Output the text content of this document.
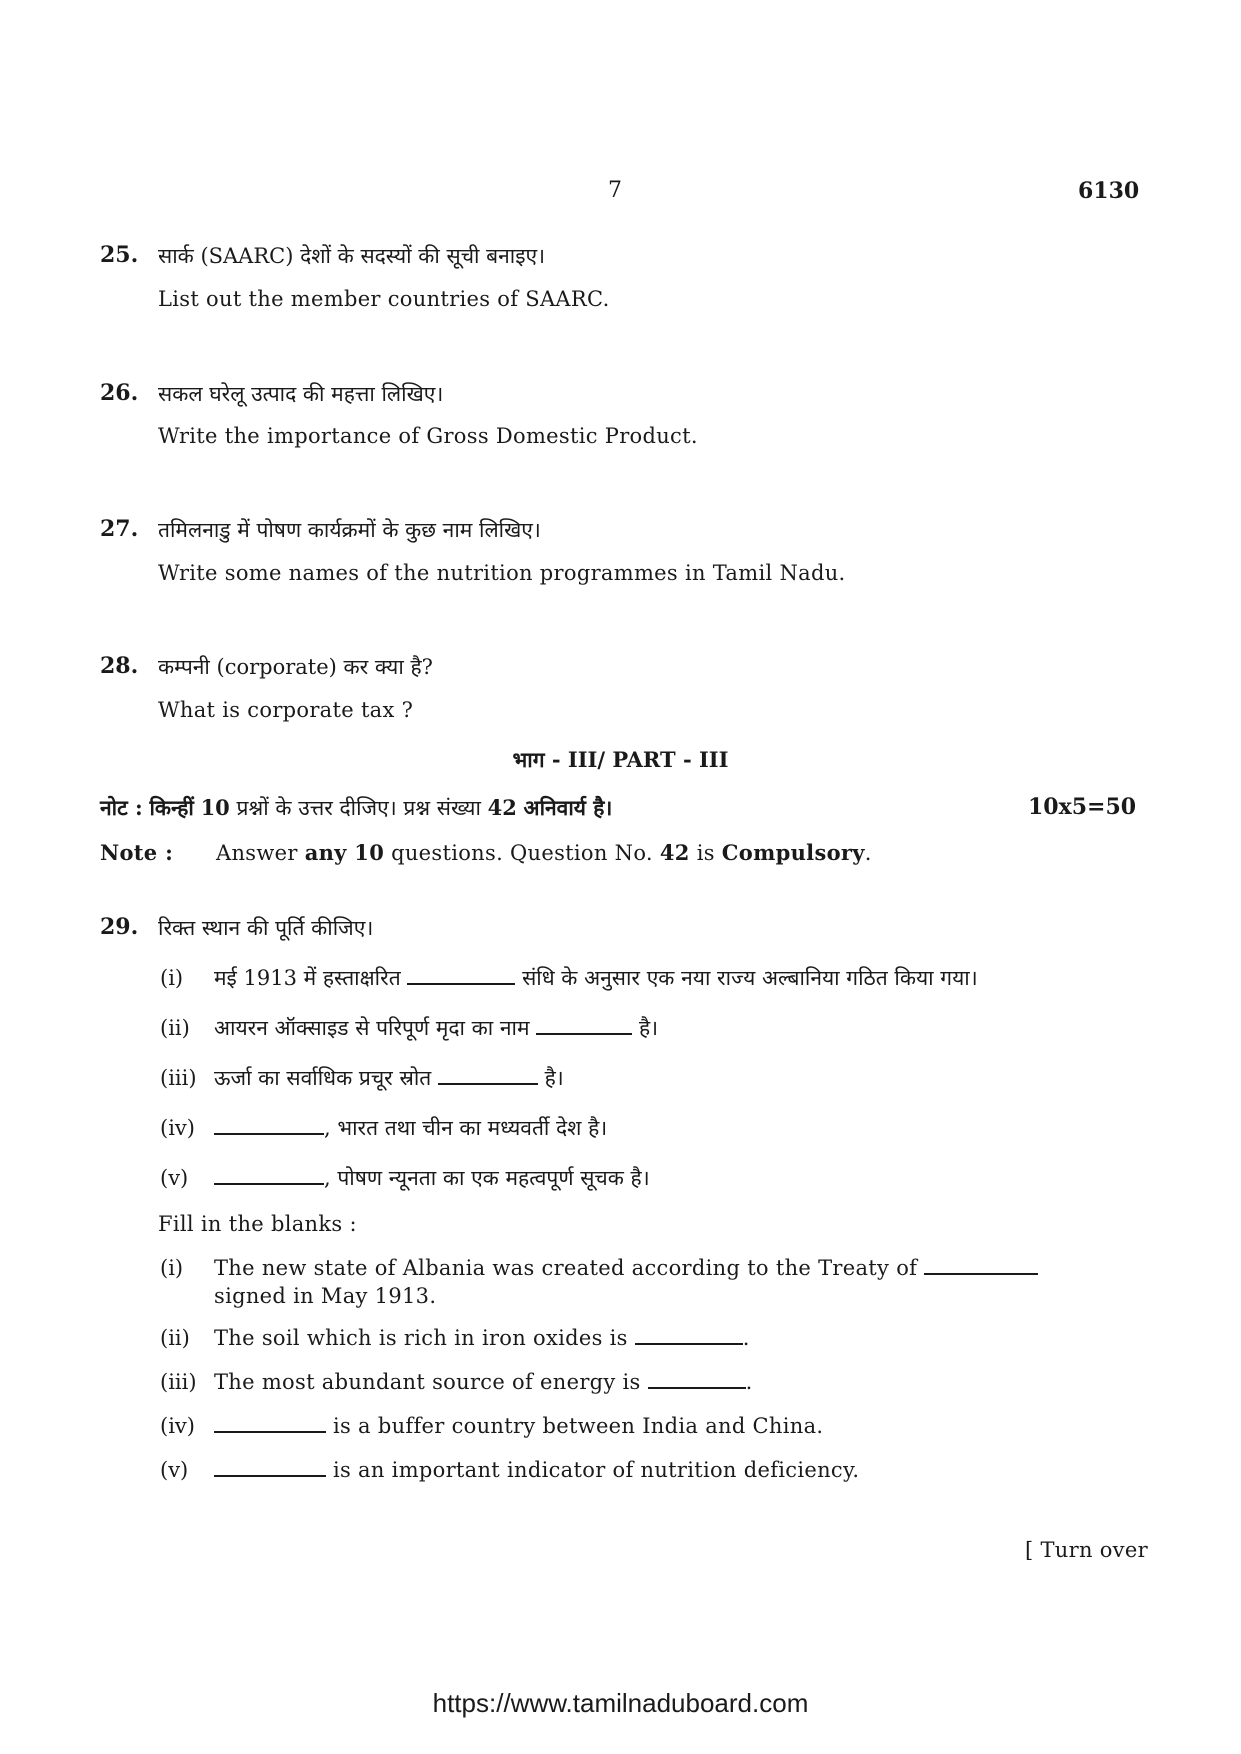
7	6130
25. सार्क (SAARC) देशों के सदस्यों की सूची बनाइए।
List out the member countries of SAARC.
26. सकल घरेलू उत्पाद की महत्ता लिखिए।
Write the importance of Gross Domestic Product.
27. तमिलनाडु में पोषण कार्यक्रमों के कुछ नाम लिखिए।
Write some names of the nutrition programmes in Tamil Nadu.
28. कम्पनी (corporate) कर क्या है?
What is corporate tax ?
भाग - III/ PART - III
नोट : किन्हीं 10 प्रश्नों के उत्तर दीजिए। प्रश्न संख्या 42 अनिवार्य है।	10x5=50
Note : Answer any 10 questions. Question No. 42 is Compulsory.
29. रिक्त स्थान की पूर्ति कीजिए।
(i) मई 1913 में हस्ताक्षरित	संधि के अनुसार एक नया राज्य अल्बानिया गठित किया गया।
(ii) आयरन ऑक्साइड से परिपूर्ण मृदा का नाम	है।
(iii) ऊर्जा का सर्वाधिक प्रचूर स्रोत	है।
(iv)	, भारत तथा चीन का मध्यवर्ती देश है।
(v)	, पोषण न्यूनता का एक महत्वपूर्ण सूचक है।
Fill in the blanks :
(i) The new state of Albania was created according to the Treaty of
signed in May 1913.
(ii) The soil which is rich in iron oxides is	.
(iii) The most abundant source of energy is	.
(iv)	is a buffer country between India and China.
(v)	is an important indicator of nutrition deficiency.
[ Turn over
https://www.tamilnaduboard.com
